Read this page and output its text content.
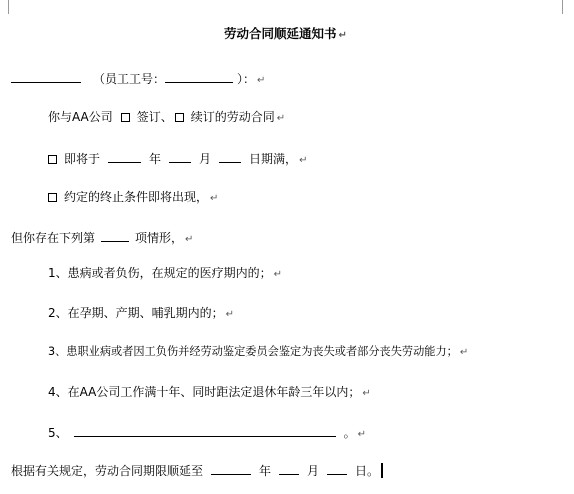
劳动合同顺延通知书 ↵
（员工工号：	）： ↵
你与AA公司 签订、 续订的劳动合同 ↵
即将于	年	月	日期满， ↵
约定的终止条件即将出现， ↵
但你存在下列第	项情形， ↵
1、患病或者负伤，在规定的医疗期内的； ↵
2、在孕期、产期、哺乳期内的； ↵
3、患职业病或者因工负伤并经劳动鉴定委员会鉴定为丧失或者部分丧失劳动能力； ↵
4、在AA公司工作满十年、同时距法定退休年龄三年以内； ↵
5、	。 ↵
根据有关规定，劳动合同期限顺延至	年	月	日。
